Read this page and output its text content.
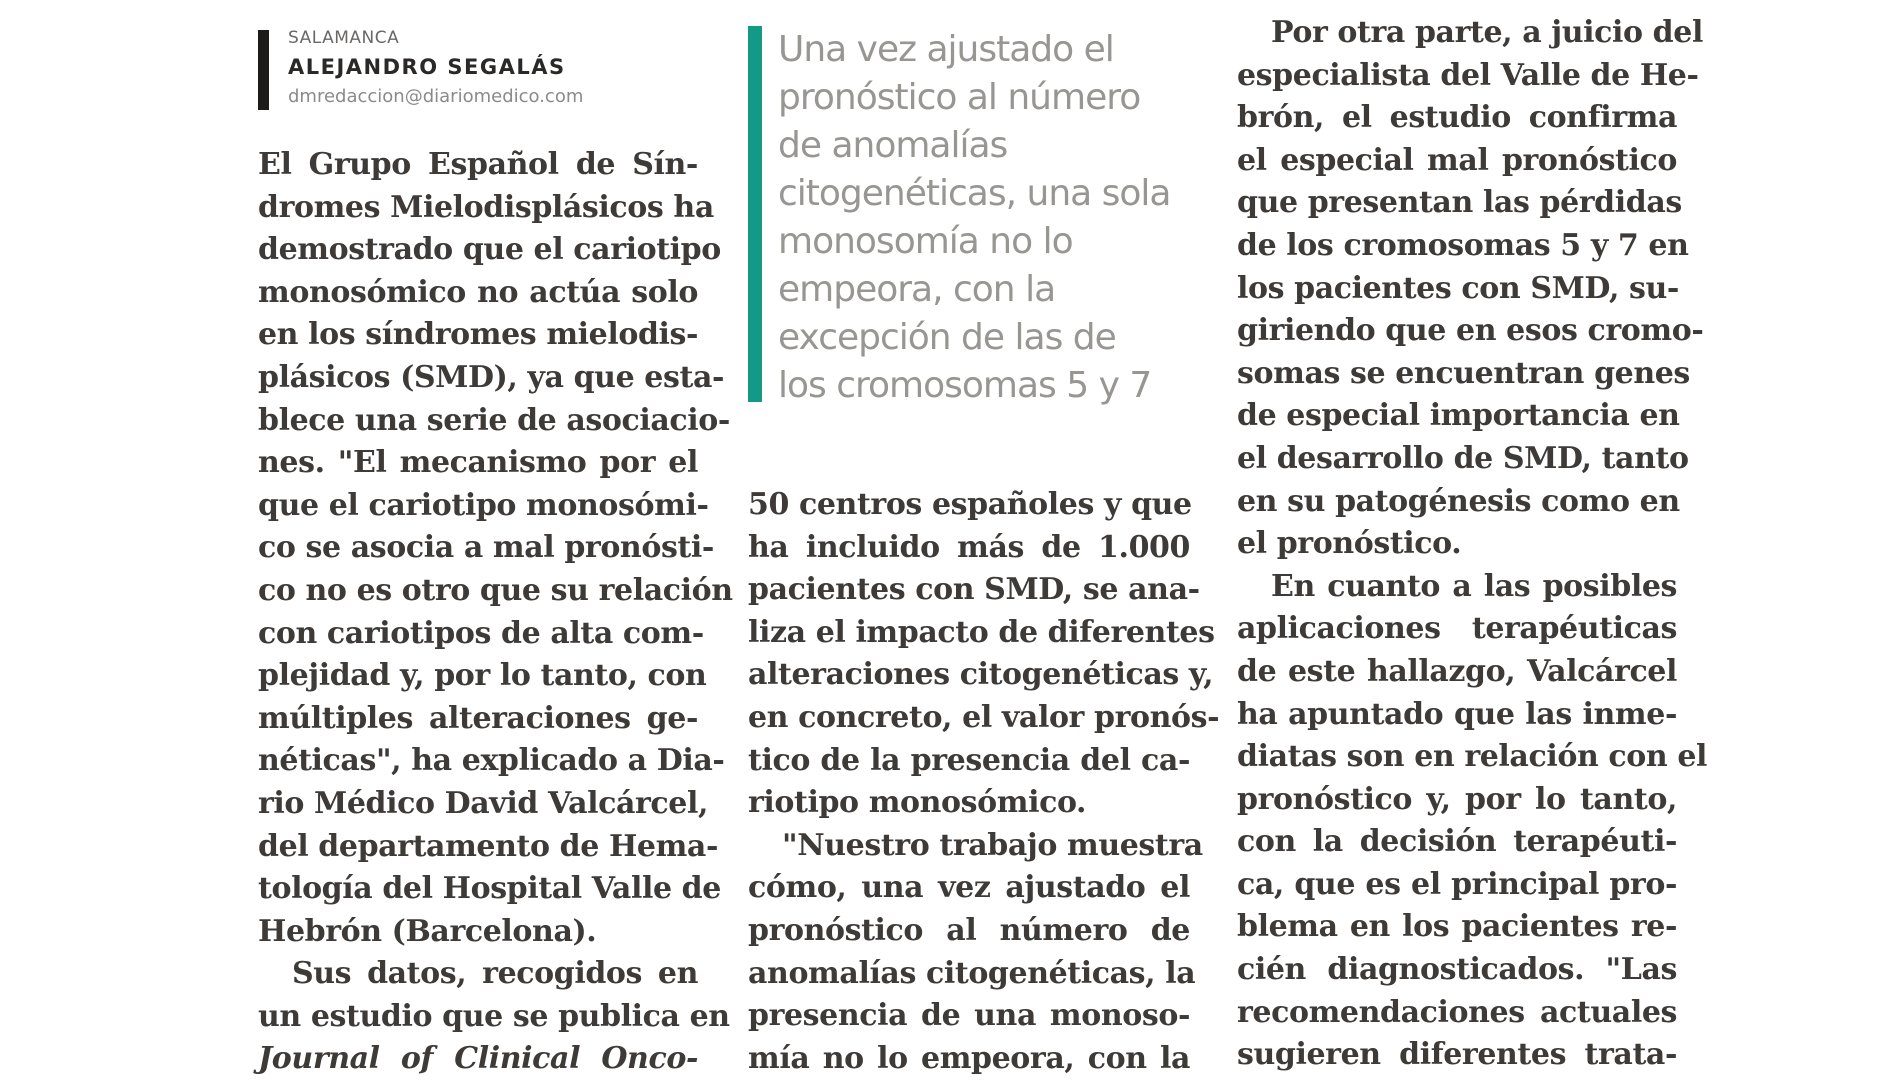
SALAMANCA
ALEJANDRO SEGALÁS
dmredaccion@diariomedico.com
El Grupo Español de Sín-
dromes Mielodisplásicos ha
demostrado que el cariotipo
monosómico no actúa solo
en los síndromes mielodis-
plásicos (SMD), ya que esta-
blece una serie de asociacio-
nes. "El mecanismo por el
que el cariotipo monosómi-
co se asocia a mal pronósti-
co no es otro que su relación
con cariotipos de alta com-
plejidad y, por lo tanto, con
múltiples alteraciones ge-
néticas", ha explicado a Dia-
rio Médico David Valcárcel,
del departamento de Hema-
tología del Hospital Valle de
Hebrón (Barcelona).
Sus datos, recogidos en
un estudio que se publica en
Journal of Clinical Onco-
Una vez ajustado el
pronóstico al número
de anomalías
citogenéticas, una sola
monosomía no lo
empeora, con la
excepción de las de
los cromosomas 5 y 7
50 centros españoles y que
ha incluido más de 1.000
pacientes con SMD, se ana-
liza el impacto de diferentes
alteraciones citogenéticas y,
en concreto, el valor pronós-
tico de la presencia del ca-
riotipo monosómico.
"Nuestro trabajo muestra
cómo, una vez ajustado el
pronóstico al número de
anomalías citogenéticas, la
presencia de una monoso-
mía no lo empeora, con la
Por otra parte, a juicio del
especialista del Valle de He-
brón, el estudio confirma
el especial mal pronóstico
que presentan las pérdidas
de los cromosomas 5 y 7 en
los pacientes con SMD, su-
giriendo que en esos cromo-
somas se encuentran genes
de especial importancia en
el desarrollo de SMD, tanto
en su patogénesis como en
el pronóstico.
En cuanto a las posibles
aplicaciones terapéuticas
de este hallazgo, Valcárcel
ha apuntado que las inme-
diatas son en relación con el
pronóstico y, por lo tanto,
con la decisión terapéuti-
ca, que es el principal pro-
blema en los pacientes re-
cién diagnosticados. "Las
recomendaciones actuales
sugieren diferentes trata-
